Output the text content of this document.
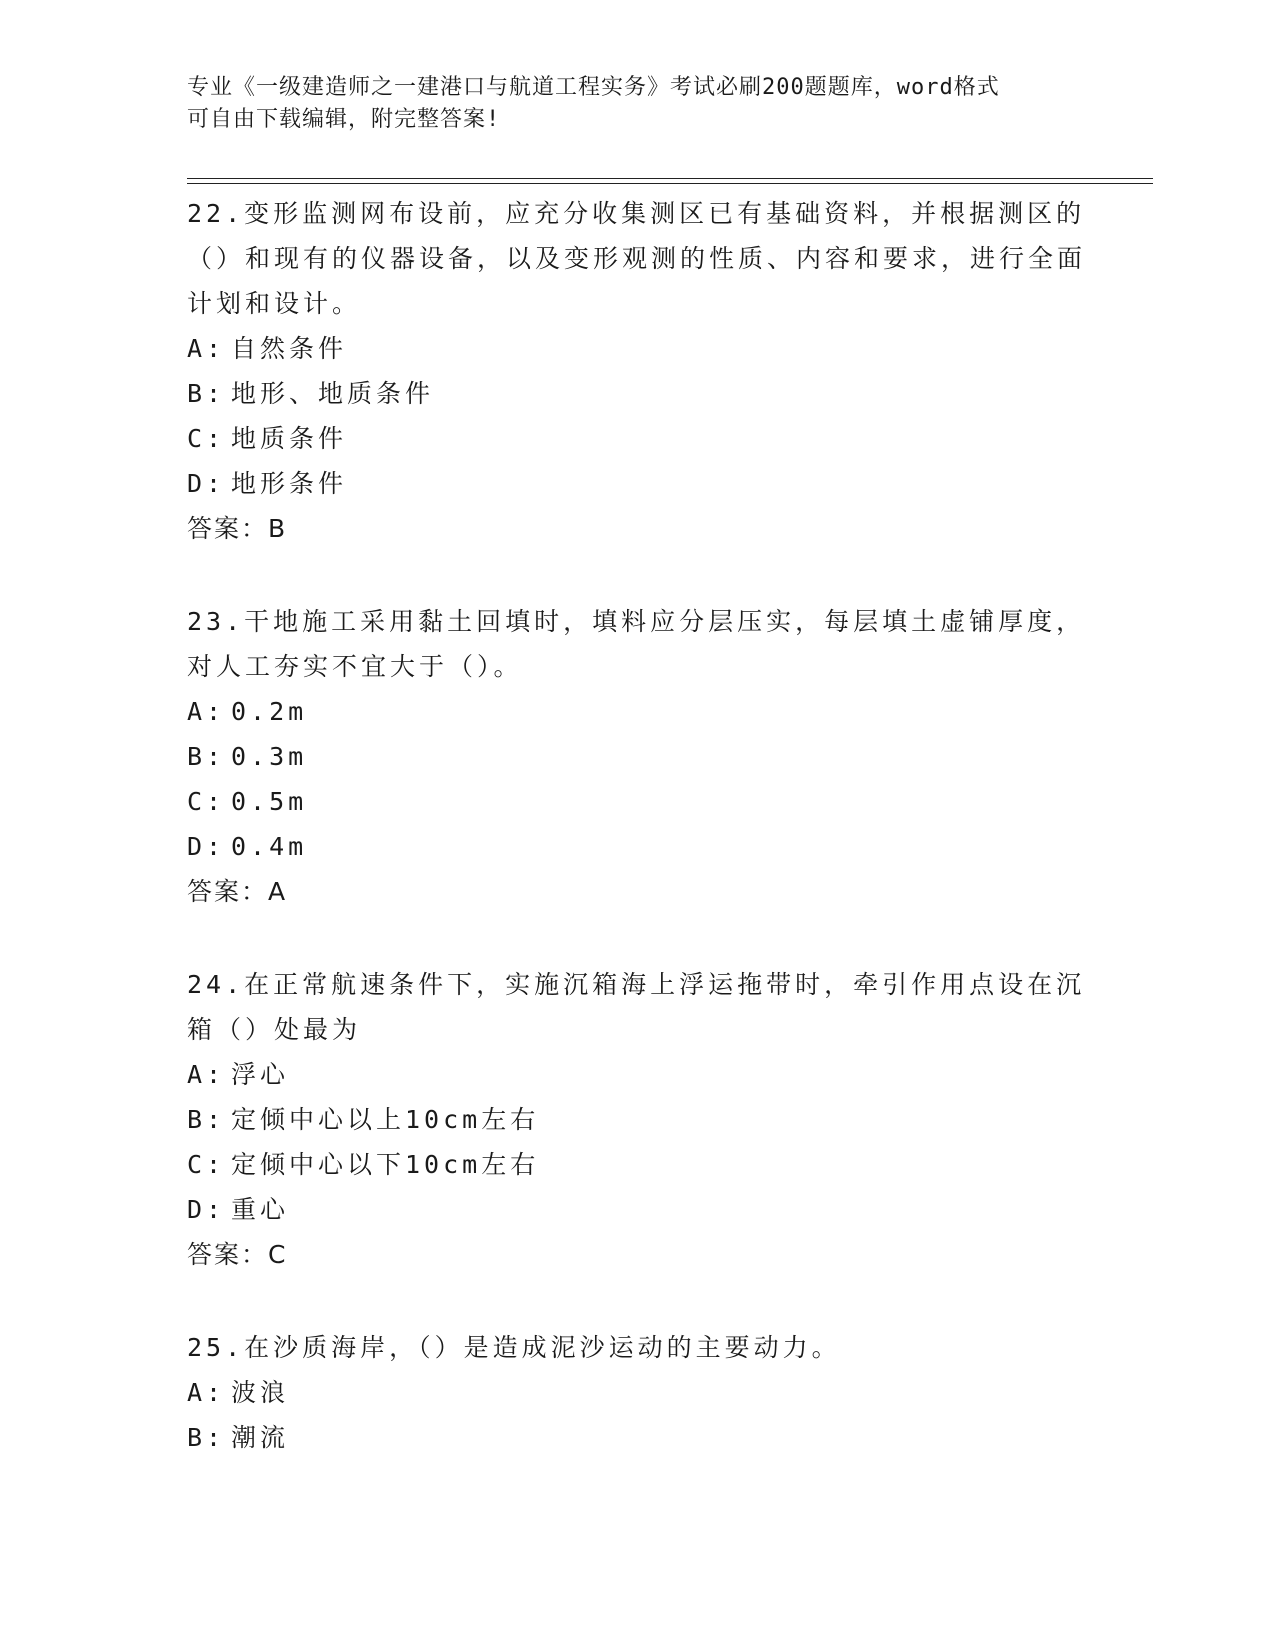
专业《一级建造师之一建港口与航道工程实务》考试必刷200题题库，word格式
可自由下载编辑，附完整答案!

22.变形监测网布设前，应充分收集测区已有基础资料，并根据测区的（）和现有的仪器设备，以及变形观测的性质、内容和要求，进行全面计划和设计。

A: 自然条件

B: 地形、地质条件

C: 地质条件

D: 地形条件

答案：B

23.干地施工采用黏土回填时，填料应分层压实，每层填土虚铺厚度，对人工夯实不宜大于（）。

A: 0.2m

B: 0.3m

C: 0.5m

D: 0.4m

答案：A

24.在正常航速条件下，实施沉箱海上浮运拖带时，牵引作用点设在沉箱（）处最为

A: 浮心

B: 定倾中心以上10cm左右

C: 定倾中心以下10cm左右

D: 重心

答案：C

25.在沙质海岸，（）是造成泥沙运动的主要动力。

A: 波浪

B: 潮流
